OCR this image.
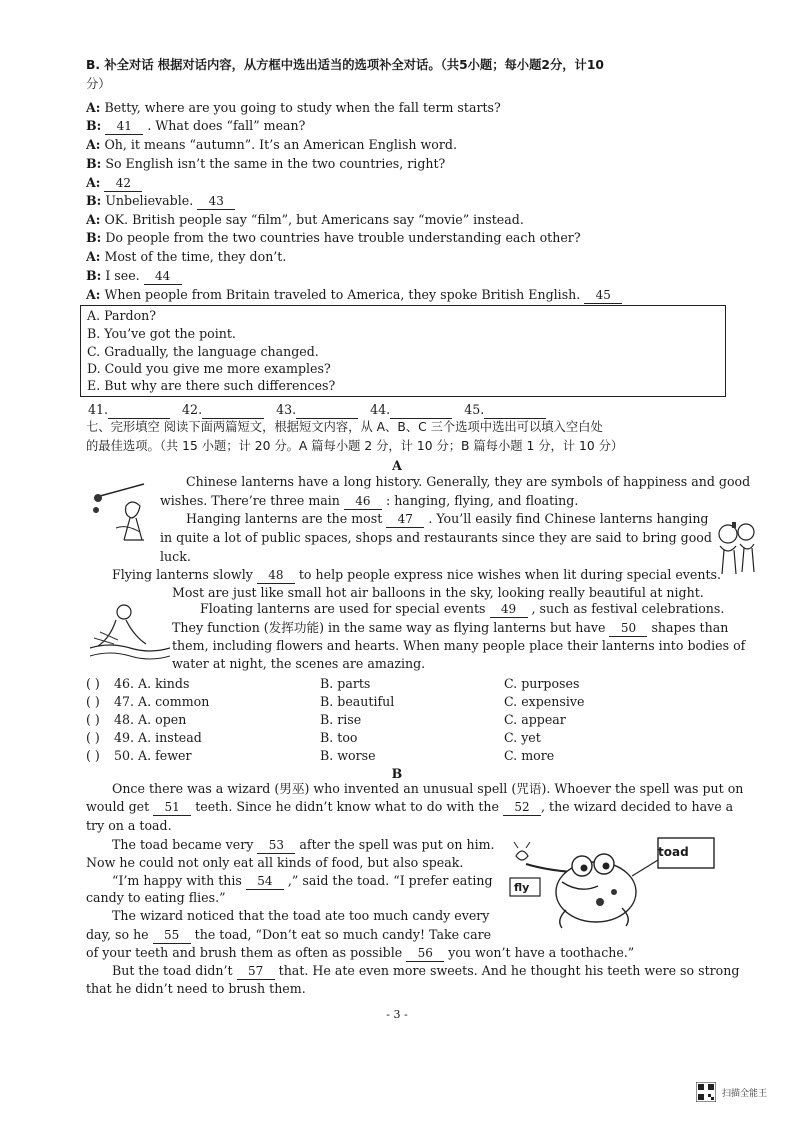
B. 补全对话 根据对话内容，从方框中选出适当的选项补全对话。（共5小题；每小题2分，计10
分）
A: Betty, where are you going to study when the fall term starts?
B: 41 . What does “fall” mean?
A: Oh, it means “autumn”. It’s an American English word.
B: So English isn’t the same in the two countries, right?
A: 42
B: Unbelievable. 43
A: OK. British people say “film”, but Americans say “movie” instead.
B: Do people from the two countries have trouble understanding each other?
A: Most of the time, they don’t.
B: I see. 44
A: When people from Britain traveled to America, they spoke British English. 45
A. Pardon?
B. You’ve got the point.
C. Gradually, the language changed.
D. Could you give me more examples?
E. But why are there such differences?
41.	42.	43.	44.	45.
七、完形填空 阅读下面两篇短文，根据短文内容，从 A、B、C 三个选项中选出可以填入空白处
的最佳选项。（共 15 小题；计 20 分。A 篇每小题 2 分，计 10 分；B 篇每小题 1 分，计 10 分）
A
Chinese lanterns have a long history. Generally, they are symbols of happiness and good
wishes. There’re three main 46 : hanging, flying, and floating.
Hanging lanterns are the most 47 . You’ll easily find Chinese lanterns hanging
in quite a lot of public spaces, shops and restaurants since they are said to bring good
luck.
Flying lanterns slowly 48 to help people express nice wishes when lit during special events.
Most are just like small hot air balloons in the sky, looking really beautiful at night.
Floating lanterns are used for special events 49 , such as festival celebrations.
They function (发挥功能) in the same way as flying lanterns but have 50 shapes than
them, including flowers and hearts. When many people place their lanterns into bodies of
water at night, the scenes are amazing.
( ) 46. A. kinds	B. parts	C. purposes
( ) 47. A. common	B. beautiful	C. expensive
( ) 48. A. open	B. rise	C. appear
( ) 49. A. instead	B. too	C. yet
( ) 50. A. fewer	B. worse	C. more
B
Once there was a wizard (男巫) who invented an unusual spell (咒语). Whoever the spell was put on
would get 51 teeth. Since he didn’t know what to do with the 52 , the wizard decided to have a
try on a toad.
The toad became very 53 after the spell was put on him.
Now he could not only eat all kinds of food, but also speak.
“I’m happy with this 54 ,” said the toad. “I prefer eating
candy to eating flies.”
The wizard noticed that the toad ate too much candy every
day, so he 55 the toad, “Don’t eat so much candy! Take care
of your teeth and brush them as often as possible 56 you won’t have a toothache.”
But the toad didn’t 57 that. He ate even more sweets. And he thought his teeth were so strong
that he didn’t need to brush them.
toad
fly
- 3 -
扫描全能王
